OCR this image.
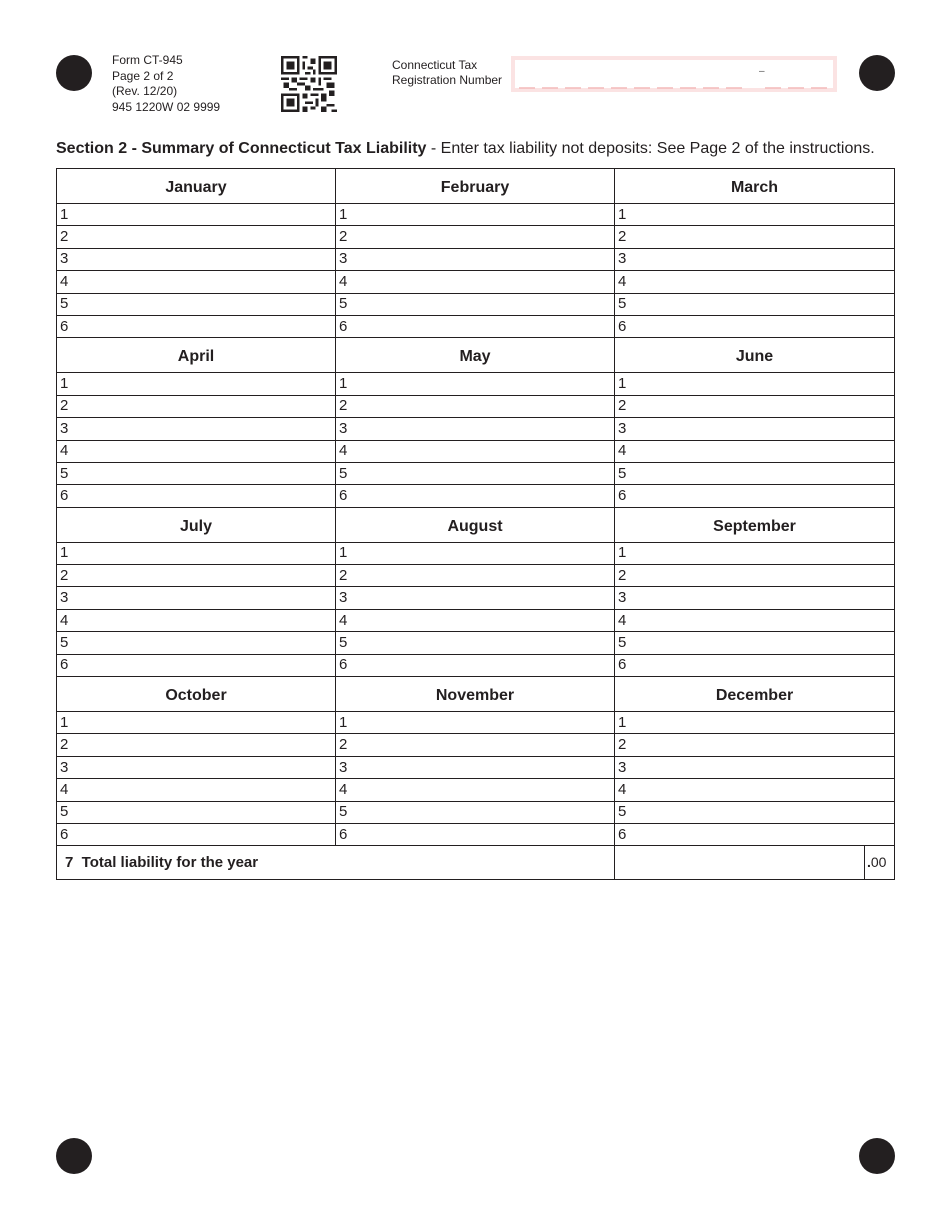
Form CT-945
Page 2 of 2
(Rev. 12/20)
945 1220W 02 9999
Connecticut Tax
Registration Number
–
Section 2 - Summary of Connecticut Tax Liability - Enter tax liability not deposits: See Page 2 of the instructions.
January	February	March
1	1	1
2	2	2
3	3	3
4	4	4
5	5	5
6	6	6
April	May	June
1	1	1
2	2	2
3	3	3
4	4	4
5	5	5
6	6	6
July	August	September
1	1	1
2	2	2
3	3	3
4	4	4
5	5	5
6	6	6
October	November	December
1	1	1
2	2	2
3	3	3
4	4	4
5	5	5
6	6	6
7  Total liability for the year		.00
